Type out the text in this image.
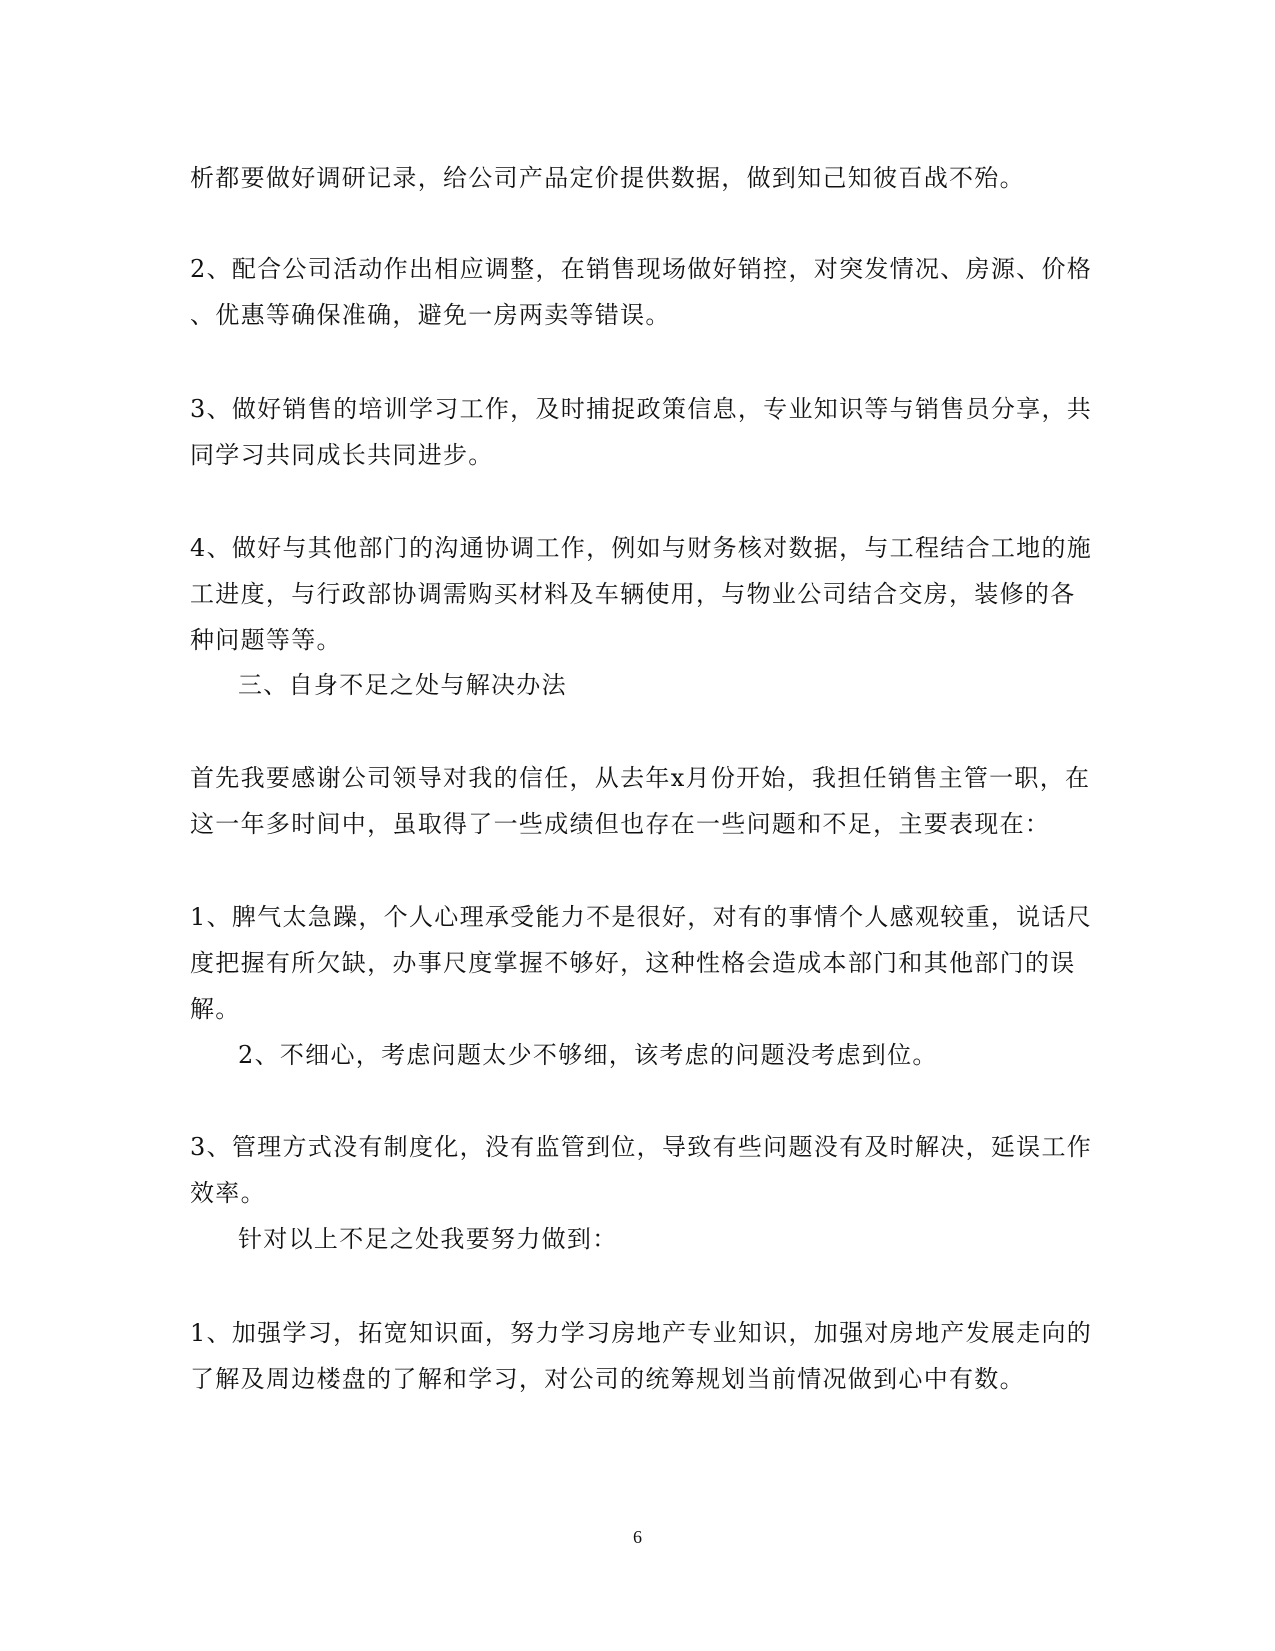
析都要做好调研记录，给公司产品定价提供数据，做到知己知彼百战不殆。
2、配合公司活动作出相应调整，在销售现场做好销控，对突发情况、房源、价格
、优惠等确保准确，避免一房两卖等错误。
3、做好销售的培训学习工作，及时捕捉政策信息，专业知识等与销售员分享，共
同学习共同成长共同进步。
4、做好与其他部门的沟通协调工作，例如与财务核对数据，与工程结合工地的施
工进度，与行政部协调需购买材料及车辆使用，与物业公司结合交房，装修的各
种问题等等。
三、自身不足之处与解决办法
首先我要感谢公司领导对我的信任，从去年x月份开始，我担任销售主管一职，在
这一年多时间中，虽取得了一些成绩但也存在一些问题和不足，主要表现在：
1、脾气太急躁，个人心理承受能力不是很好，对有的事情个人感观较重，说话尺
度把握有所欠缺，办事尺度掌握不够好，这种性格会造成本部门和其他部门的误
解。
2、不细心，考虑问题太少不够细，该考虑的问题没考虑到位。
3、管理方式没有制度化，没有监管到位，导致有些问题没有及时解决，延误工作
效率。
针对以上不足之处我要努力做到：
1、加强学习，拓宽知识面，努力学习房地产专业知识，加强对房地产发展走向的
了解及周边楼盘的了解和学习，对公司的统筹规划当前情况做到心中有数。
6
